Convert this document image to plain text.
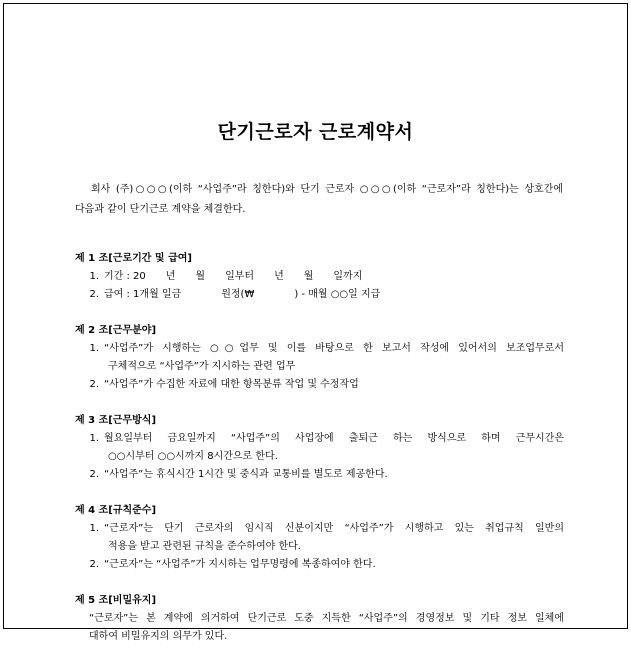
단기근로자 근로계약서
회사 (주)○○○(이하 “사업주”라 칭한다)와 단기 근로자 ○○○(이하 “근로자”라 칭한다)는 상호간에
다음과 같이 단기근로 계약을 체결한다.
제 1 조[근로기간 및 급여]
1. 기간 : 20　　년　　월　　일부터　　년　　월　　일까지
2. 급여 : 1개월 일금　　　　원정(₩　　　　) - 매월 ○○일 지급
제 2 조[근무분야]
1. “사업주”가 시행하는 ○○업무 및 이를 바탕으로 한 보고서 작성에 있어서의 보조업무로서
구체적으로 “사업주”가 지시하는 관련 업무
2. “사업주”가 수집한 자료에 대한 항목분류 작업 및 수정작업
제 3 조[근무방식]
1. 월요일부터 금요일까지 “사업주”의 사업장에 출퇴근 하는 방식으로 하며 근무시간은
○○시부터 ○○시까지 8시간으로 한다.
2. “사업주”는 휴식시간 1시간 및 중식과 교통비를 별도로 제공한다.
제 4 조[규칙준수]
1. “근로자”는 단기 근로자의 임시직 신분이지만 “사업주”가 시행하고 있는 취업규칙 일반의
적용을 받고 관련된 규칙을 준수하여야 한다.
2. “근로자”는 “사업주”가 지시하는 업무명령에 복종하여야 한다.
제 5 조[비밀유지]
“근로자”는 본 계약에 의거하여 단기근로 도중 지득한 “사업주”의 경영정보 및 기타 정보 일체에
대하여 비밀유지의 의무가 있다.
